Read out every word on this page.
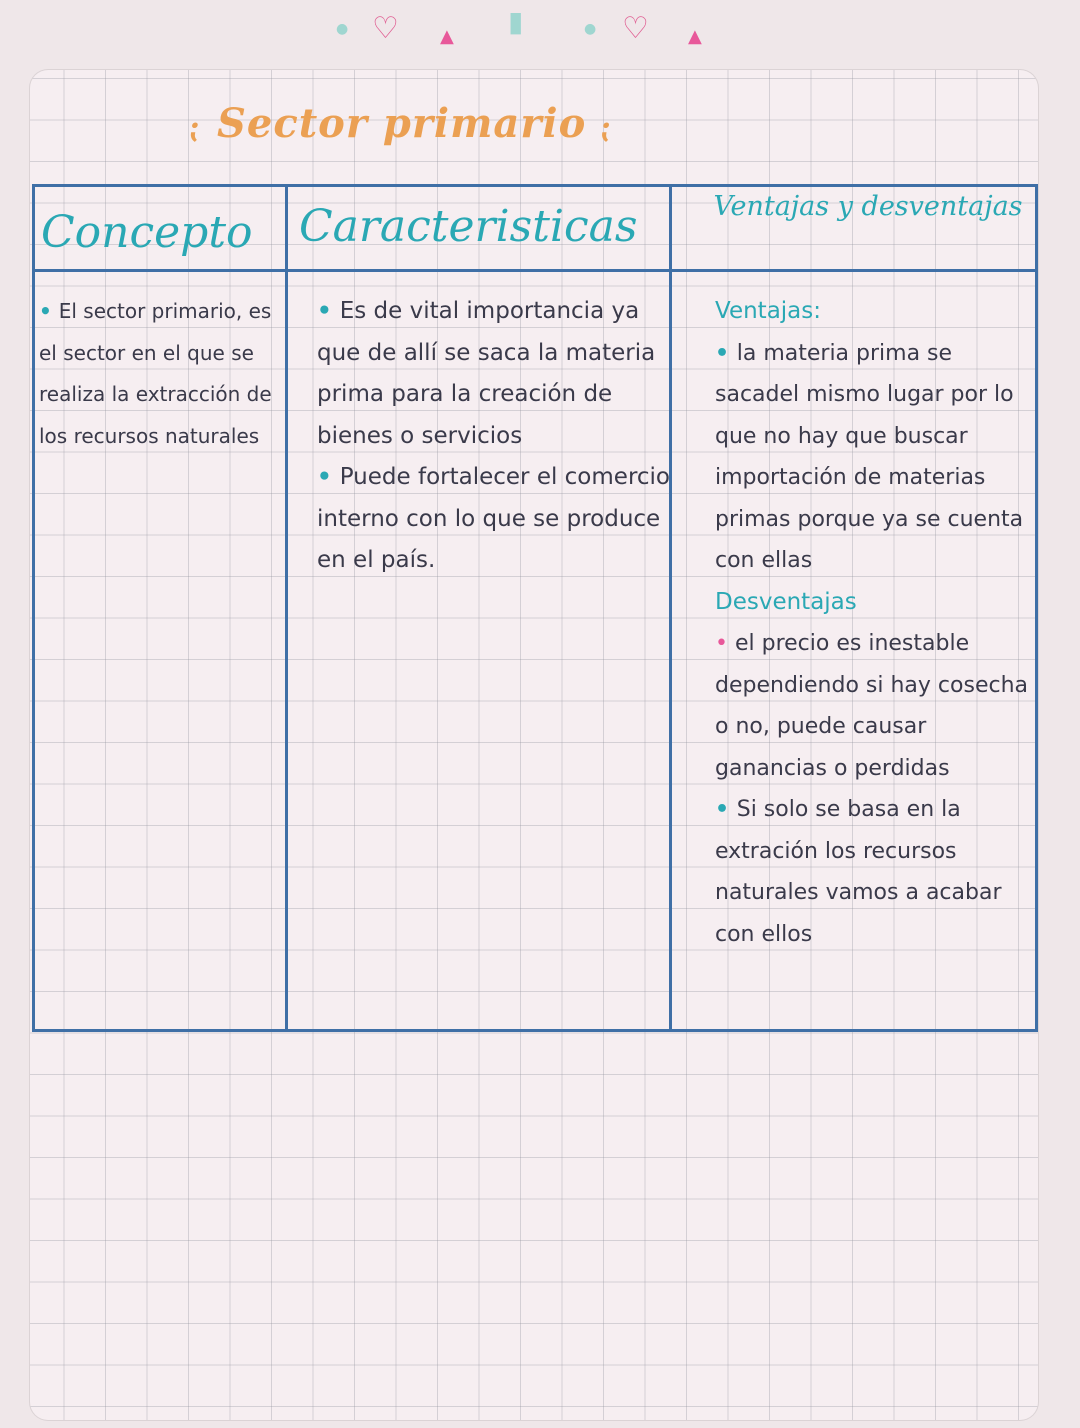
● ♡ ▲ ▮	● ♡ ▲
⁏ Sector primario ⁏
Concepto Caracteristicas	Ventajas y desventajas

• El sector primario, es el sector en el que se realiza la extracción de los recursos naturales

• Es de vital importancia ya que de allí se saca la materia prima para la creación de bienes o servicios

• Puede fortalecer el comercio interno con lo que se produce en el país.

Ventajas:

• la materia prima se sacadel mismo lugar por lo que no hay que buscar importación de materias primas porque ya se cuenta con ellas

Desventajas

• el precio es inestable dependiendo si hay cosecha o no, puede causar ganancias o perdidas

• Si solo se basa en la extración los recursos naturales vamos a acabar con ellos
